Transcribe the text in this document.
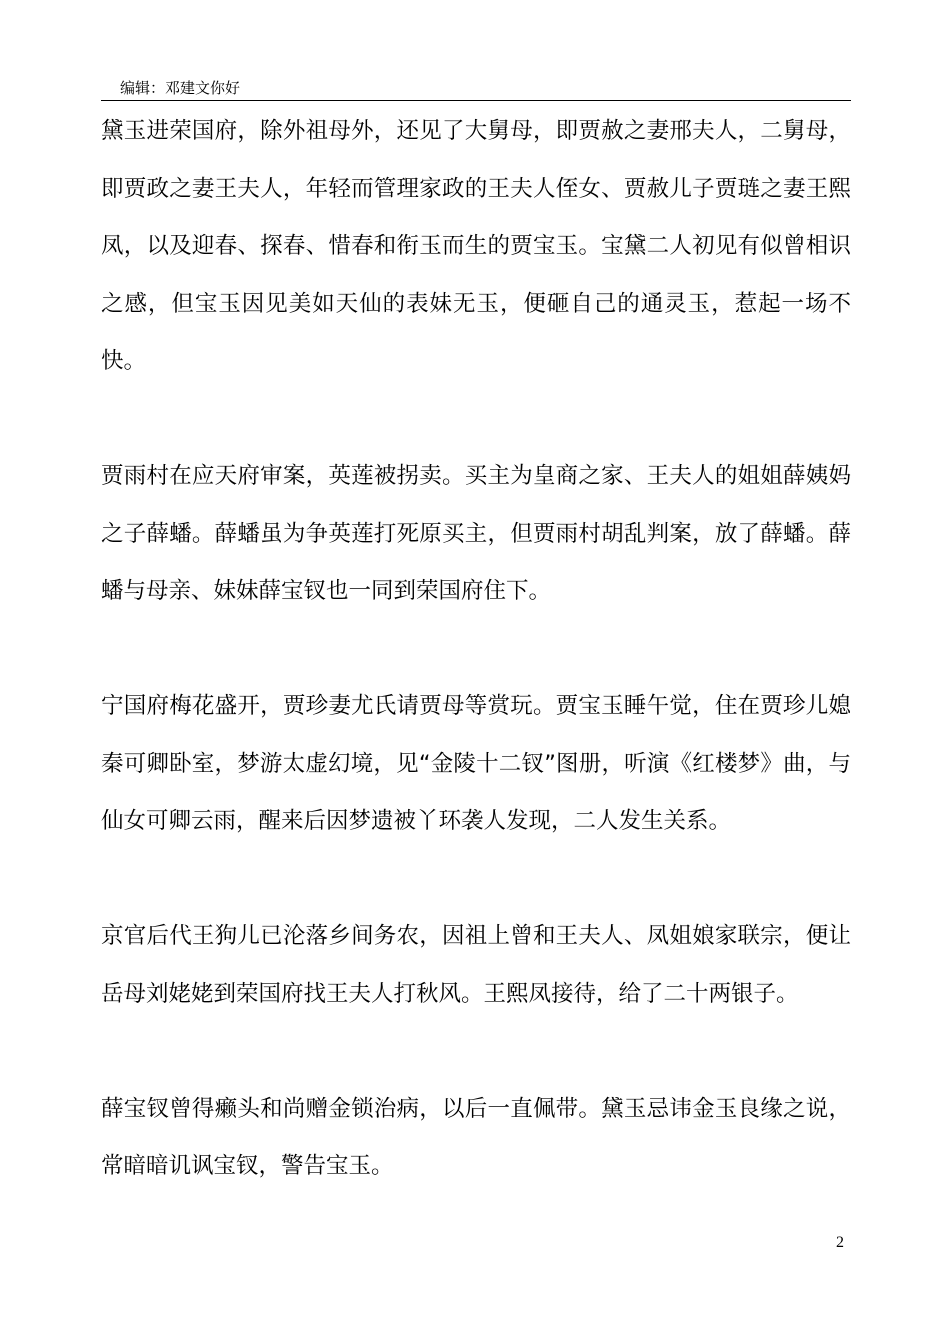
编辑：邓建文你好

黛玉进荣国府，除外祖母外，还见了大舅母，即贾赦之妻邢夫人，二舅母，即贾政之妻王夫人，年轻而管理家政的王夫人侄女、贾赦儿子贾琏之妻王熙凤，以及迎春、探春、惜春和衔玉而生的贾宝玉。宝黛二人初见有似曾相识之感，但宝玉因见美如天仙的表妹无玉，便砸自己的通灵玉，惹起一场不快。

贾雨村在应天府审案，英莲被拐卖。买主为皇商之家、王夫人的姐姐薛姨妈之子薛蟠。薛蟠虽为争英莲打死原买主，但贾雨村胡乱判案，放了薛蟠。薛蟠与母亲、妹妹薛宝钗也一同到荣国府住下。

宁国府梅花盛开，贾珍妻尤氏请贾母等赏玩。贾宝玉睡午觉，住在贾珍儿媳秦可卿卧室，梦游太虚幻境，见“金陵十二钗”图册，听演《红楼梦》曲，与仙女可卿云雨，醒来后因梦遗被丫环袭人发现，二人发生关系。

京官后代王狗儿已沦落乡间务农，因祖上曾和王夫人、凤姐娘家联宗，便让岳母刘姥姥到荣国府找王夫人打秋风。王熙凤接待，给了二十两银子。

薛宝钗曾得癞头和尚赠金锁治病，以后一直佩带。黛玉忌讳金玉良缘之说，常暗暗讥讽宝钗，警告宝玉。

2
